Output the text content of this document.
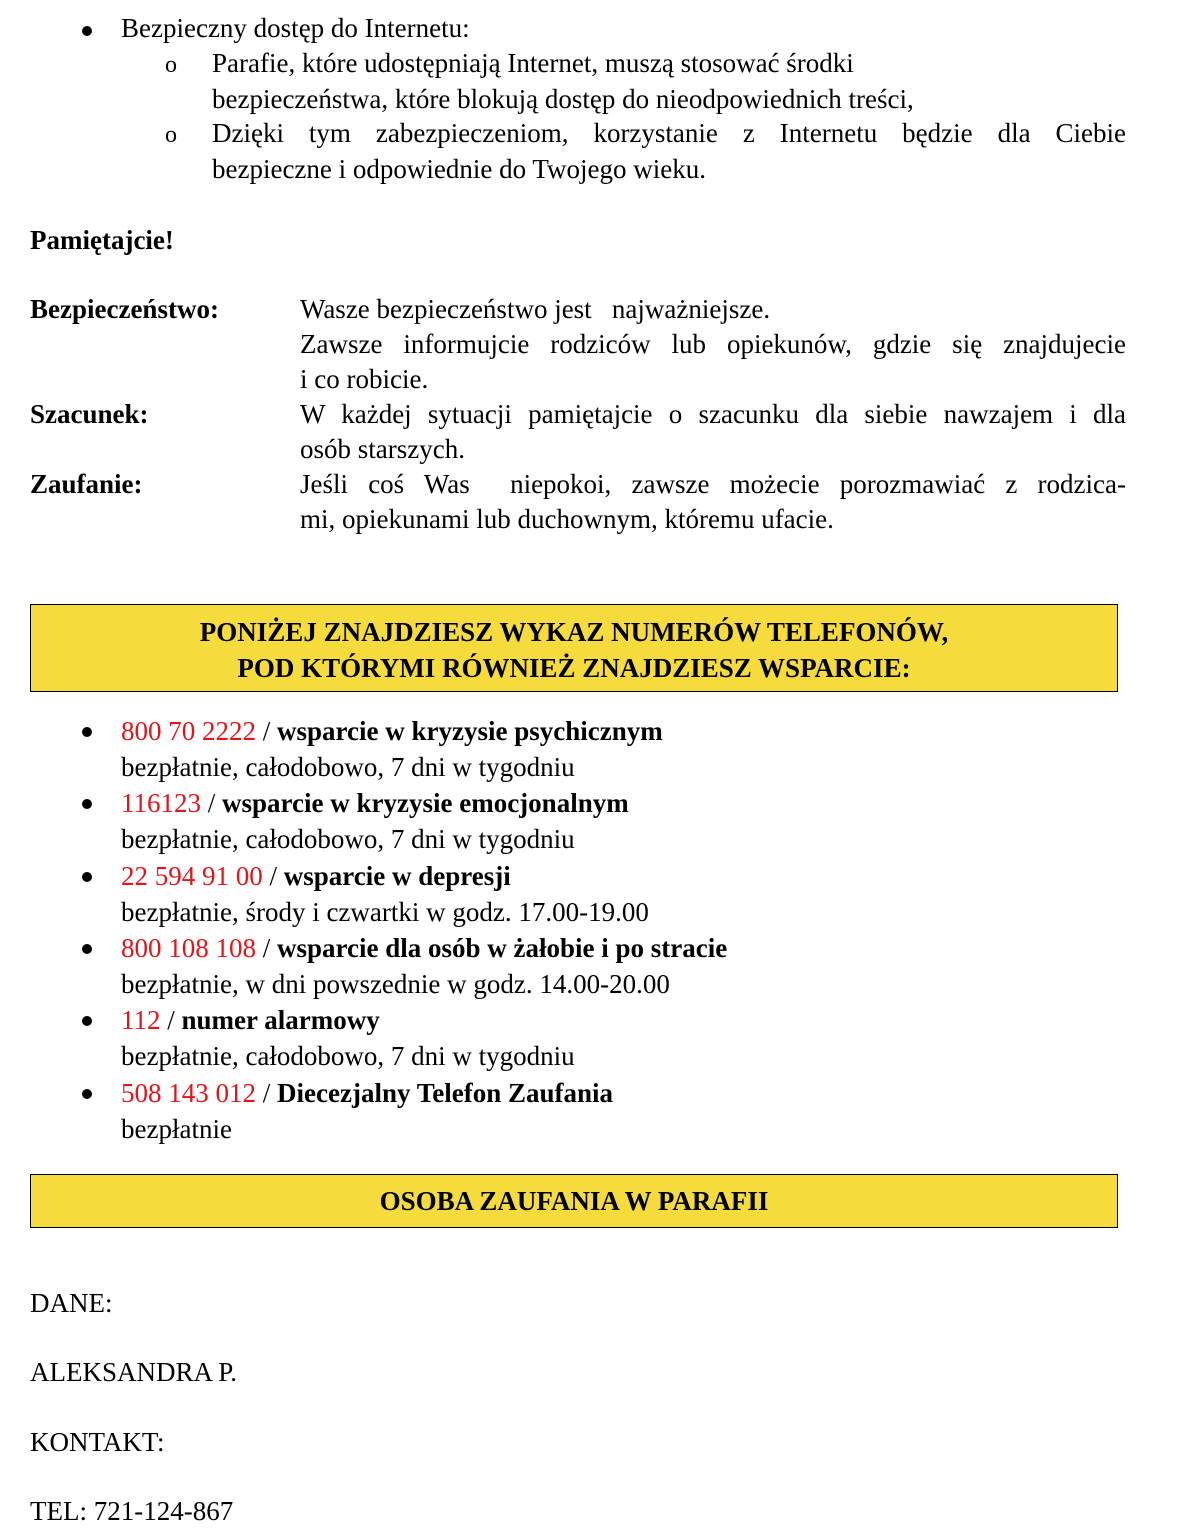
Bezpieczny dostęp do Internetu:
o Parafie, które udostępniają Internet, muszą stosować środki
bezpieczeństwa, które blokują dostęp do nieodpowiednich treści,
o Dzięki tym zabezpieczeniom, korzystanie z Internetu będzie dla Ciebie
bezpieczne i odpowiednie do Twojego wieku.
Pamiętajcie!
Bezpieczeństwo:	Wasze bezpieczeństwo jest   najważniejsze.
Zawsze informujcie rodziców lub opiekunów, gdzie się znajdujecie
i co robicie.
Szacunek:	W każdej sytuacji pamiętajcie o szacunku dla siebie nawzajem i dla
osób starszych.
Zaufanie:	Jeśli coś Was  niepokoi, zawsze możecie porozmawiać z rodzica-
mi, opiekunami lub duchownym, któremu ufacie.
PONIŻEJ ZNAJDZIESZ WYKAZ NUMERÓW TELEFONÓW,
POD KTÓRYMI RÓWNIEŻ ZNAJDZIESZ WSPARCIE:
800 70 2222 / wsparcie w kryzysie psychicznym
bezpłatnie, całodobowo, 7 dni w tygodniu
116123 / wsparcie w kryzysie emocjonalnym
bezpłatnie, całodobowo, 7 dni w tygodniu
22 594 91 00 / wsparcie w depresji
bezpłatnie, środy i czwartki w godz. 17.00-19.00
800 108 108 / wsparcie dla osób w żałobie i po stracie
bezpłatnie, w dni powszednie w godz. 14.00-20.00
112 / numer alarmowy
bezpłatnie, całodobowo, 7 dni w tygodniu
508 143 012 / Diecezjalny Telefon Zaufania
bezpłatnie
OSOBA ZAUFANIA W PARAFII
DANE:
ALEKSANDRA P.
KONTAKT:
TEL: 721-124-867
